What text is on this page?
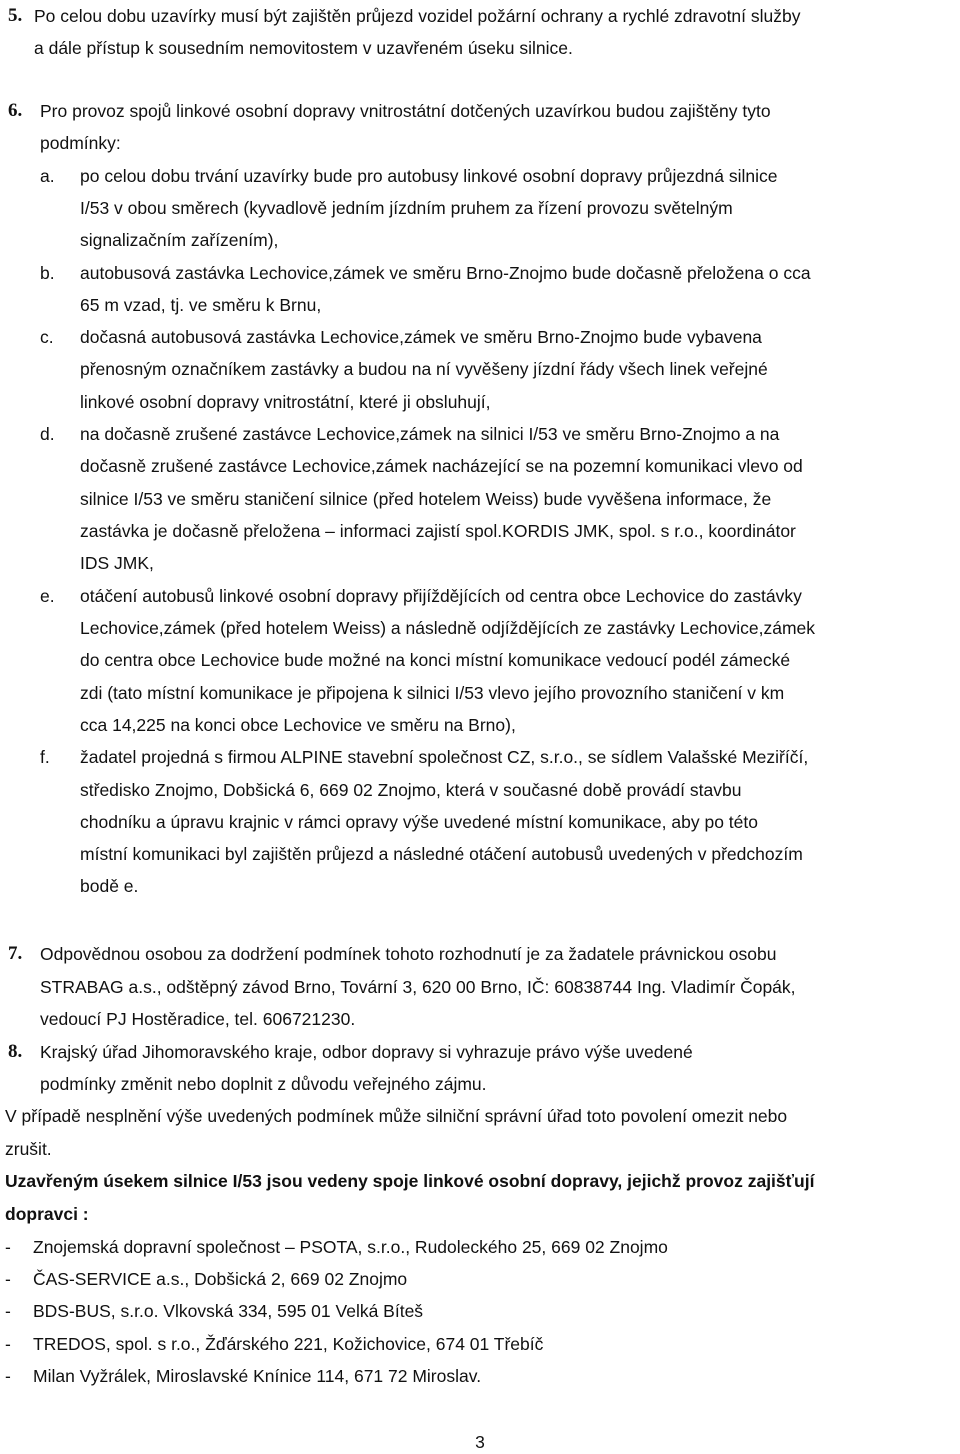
5. Po celou dobu uzavírky musí být zajištěn průjezd vozidel požární ochrany a rychlé zdravotní služby
a dále přístup k sousedním nemovitostem v uzavřeném úseku silnice.
6. Pro provoz spojů linkové osobní dopravy vnitrostátní dotčených uzavírkou budou zajištěny tyto
podmínky:
a. po celou dobu trvání uzavírky bude pro autobusy linkové osobní dopravy průjezdná silnice
I/53 v obou směrech (kyvadlově jedním jízdním pruhem za řízení provozu světelným
signalizačním zařízením),
b. autobusová zastávka Lechovice,zámek ve směru Brno-Znojmo bude dočasně přeložena o cca
65 m vzad, tj. ve směru k Brnu,
c. dočasná autobusová zastávka Lechovice,zámek ve směru Brno-Znojmo bude vybavena
přenosným označníkem zastávky a budou na ní vyvěšeny jízdní řády všech linek veřejné
linkové osobní dopravy vnitrostátní, které ji obsluhují,
d. na dočasně zrušené zastávce Lechovice,zámek na silnici I/53 ve směru Brno-Znojmo a na
dočasně zrušené zastávce Lechovice,zámek nacházející se na pozemní komunikaci vlevo od
silnice I/53 ve směru staničení silnice (před hotelem Weiss) bude vyvěšena informace, že
zastávka je dočasně přeložena – informaci zajistí spol.KORDIS JMK, spol. s r.o., koordinátor
IDS JMK,
e. otáčení autobusů linkové osobní dopravy přijíždějících od centra obce Lechovice do zastávky
Lechovice,zámek (před hotelem Weiss) a následně odjíždějících ze zastávky Lechovice,zámek
do centra obce Lechovice bude možné na konci místní komunikace vedoucí podél zámecké
zdi (tato místní komunikace je připojena k silnici I/53 vlevo jejího provozního staničení v km
cca 14,225 na konci obce Lechovice ve směru na Brno),
f. žadatel projedná s firmou ALPINE stavební společnost CZ, s.r.o., se sídlem Valašské Meziříčí,
středisko Znojmo, Dobšická 6, 669 02 Znojmo, která v současné době provádí stavbu
chodníku a úpravu krajnic v rámci opravy výše uvedené místní komunikace, aby po této
místní komunikaci byl zajištěn průjezd a následné otáčení autobusů uvedených v předchozím
bodě e.
7. Odpovědnou osobou za dodržení podmínek tohoto rozhodnutí je za žadatele právnickou osobu
STRABAG a.s., odštěpný závod Brno, Tovární 3, 620 00 Brno, IČ: 60838744 Ing. Vladimír Čopák,
vedoucí PJ Hostěradice, tel. 606721230.
8. Krajský úřad Jihomoravského kraje, odbor dopravy si vyhrazuje právo výše uvedené
podmínky změnit nebo doplnit z důvodu veřejného zájmu.
V případě nesplnění výše uvedených podmínek může silniční správní úřad toto povolení omezit nebo
zrušit.
Uzavřeným úsekem silnice I/53 jsou vedeny spoje linkové osobní dopravy, jejichž provoz zajišťují
dopravci :
- Znojemská dopravní společnost – PSOTA, s.r.o., Rudoleckého 25, 669 02 Znojmo
- ČAS-SERVICE a.s., Dobšická 2, 669 02 Znojmo
- BDS-BUS, s.r.o. Vlkovská 334, 595 01 Velká Bíteš
- TREDOS, spol. s r.o., Žďárského 221, Kožichovice, 674 01 Třebíč
- Milan Vyžrálek, Miroslavské Knínice 114, 671 72 Miroslav.
3
